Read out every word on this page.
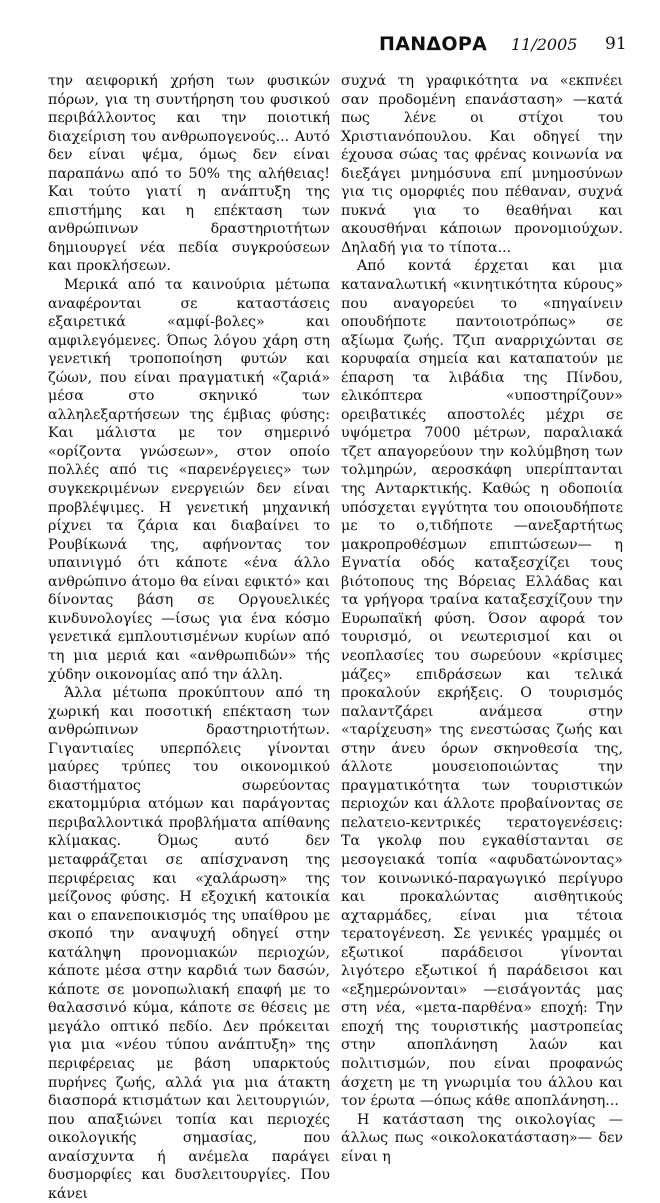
ΠΑΝΔΟΡΑ 11/2005 91

την αειφορική χρήση των φυσικών πόρων, για τη συντήρηση του φυσικού περιβάλλοντος και την ποιοτική διαχείριση του ανθρωπογενούς... Αυτό δεν είναι ψέμα, όμως δεν είναι παραπάνω από το 50% της αλήθειας! Και τούτο γιατί η ανάπτυξη της επιστήμης και η επέκταση των ανθρώπινων δραστηριοτήτων δημιουργεί νέα πεδία συγκρούσεων και προκλήσεων.

Μερικά από τα καινούρια μέτωπα αναφέρονται σε καταστάσεις εξαιρετικά «αμφί-βολες» και αμφιλεγόμενες. Όπως λόγου χάρη στη γενετική τροποποίηση φυτών και ζώων, που είναι πραγματική «ζαριά» μέσα στο σκηνικό των αλληλεξαρτήσεων της έμβιας φύσης: Και μάλιστα με τον σημερινό «ορίζοντα γνώσεων», στον οποίο πολλές από τις «παρενέργειες» των συγκεκριμένων ενεργειών δεν είναι προβλέψιμες. Η γενετική μηχανική ρίχνει τα ζάρια και διαβαίνει το Ρουβίκωνά της, αφήνοντας τον υπαινιγμό ότι κάποτε «ένα άλλο ανθρώπινο άτομο θα είναι εφικτό» και δίνοντας βάση σε Οργουελικές κινδυνολογίες —ίσως για ένα κόσμο γενετικά εμπλουτισμένων κυρίων από τη μια μεριά και «ανθρωπιδών» τής χύδην οικονομίας από την άλλη.

Άλλα μέτωπα προκύπτουν από τη χωρική και ποσοτική επέκταση των ανθρώπινων δραστηριοτήτων. Γιγαντιαίες υπερπόλεις γίνονται μαύρες τρύπες του οικονομικού διαστήματος σωρεύοντας εκατομμύρια ατόμων και παράγοντας περιβαλλοντικά προβλήματα απίθανης κλίμακας. Όμως αυτό δεν μεταφράζεται σε απίσχνανση της περιφέρειας και «χαλάρωση» της μείζονος φύσης. Η εξοχική κατοικία και ο επανεποικισμός της υπαίθρου με σκοπό την αναψυχή οδηγεί στην κατάληψη προνομιακών περιοχών, κάποτε μέσα στην καρδιά των δασών, κάποτε σε μονοπωλιακή επαφή με το θαλασσινό κύμα, κάποτε σε θέσεις με μεγάλο οπτικό πεδίο. Δεν πρόκειται για μια «νέου τύπου ανάπτυξη» της περιφέρειας με βάση υπαρκτούς πυρήνες ζωής, αλλά για μια άτακτη διασπορά κτισμάτων και λειτουργιών, που απαξιώνει τοπία και περιοχές οικολογικής σημασίας, που αναίσχυντα ή ανέμελα παράγει δυσμορφίες και δυσλειτουργίες. Που κάνει

συχνά τη γραφικότητα να «εκπνέει σαν προδομένη επανάσταση» —κατά πως λένε οι στίχοι του Χριστιανόπουλου. Και οδηγεί την έχουσα σώας τας φρένας κοινωνία να διεξάγει μνημόσυνα επί μνημοσύνων για τις ομορφιές που πέθαναν, συχνά πυκνά για το θεαθήναι και ακουσθήναι κάποιων προνομιούχων. Δηλαδή για το τίποτα...

Από κοντά έρχεται και μια καταναλωτική «κινητικότητα κύρους» που αναγορεύει το «πηγαίνειν οπουδήποτε παντοιοτρόπως» σε αξίωμα ζωής. Τζιπ αναρριχώνται σε κορυφαία σημεία και καταπατούν με έπαρση τα λιβάδια της Πίνδου, ελικόπτερα «υποστηρίζουν» ορειβατικές αποστολές μέχρι σε υψόμετρα 7000 μέτρων, παραλιακά τζετ απαγορεύουν την κολύμβηση των τολμηρών, αεροσκάφη υπερίπτανται της Ανταρκτικής. Καθώς η οδοποιία υπόσχεται εγγύτητα του οποιουδήποτε με το ο,τιδήποτε —ανεξαρτήτως μακροπροθέσμων επιπτώσεων— η Εγνατία οδός καταξεσχίζει τους βιότοπους της Βόρειας Ελλάδας και τα γρήγορα τραίνα καταξεσχίζουν την Ευρωπαϊκή φύση. Όσον αφορά τον τουρισμό, οι νεωτερισμοί και οι νεοπλασίες του σωρεύουν «κρίσιμες μάζες» επιδράσεων και τελικά προκαλούν εκρήξεις. Ο τουρισμός παλαντζάρει ανάμεσα στην «ταρίχευση» της ενεστώσας ζωής και στην άνευ όρων σκηνοθεσία της, άλλοτε μουσειοποιώντας την πραγματικότητα των τουριστικών περιοχών και άλλοτε προβαίνοντας σε πελατειο-κεντρικές τερατογενέσεις: Τα γκολφ που εγκαθίστανται σε μεσογειακά τοπία «αφυδατώνοντας» τον κοινωνικό-παραγωγικό περίγυρο και προκαλώντας αισθητικούς αχταρμάδες, είναι μια τέτοια τερατογένεση. Σε γενικές γραμμές οι εξωτικοί παράδεισοι γίνονται λιγότερο εξωτικοί ή παράδεισοι και «εξημερώνονται» —εισάγοντάς μας στη νέα, «μετα-παρθένα» εποχή: Την εποχή της τουριστικής μαστροπείας στην αποπλάνηση λαών και πολιτισμών, που είναι προφανώς άσχετη με τη γνωριμία του άλλου και τον έρωτα —όπως κάθε αποπλάνηση...

Η κατάσταση της οικολογίας —άλλως πως «οικολοκατάσταση»— δεν είναι η
